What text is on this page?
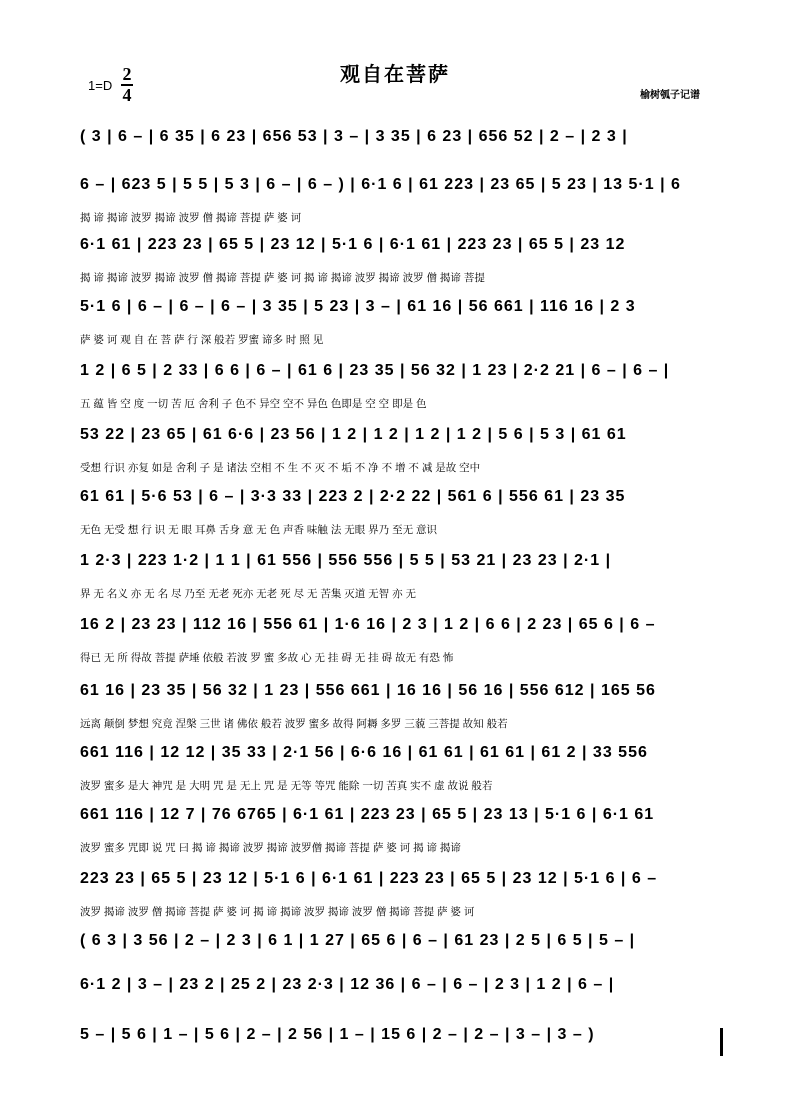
观自在菩萨
1=D
2
4	榆树瓠子记谱
( 3 | 6 – | 6 35 | 6 23 | 656 53 | 3 – | 3 35 | 6 23 | 656 52 | 2 – | 2 3 |
6 – | 623 5 | 5 5 | 5 3 | 6 – | 6 – ) | 6·1 6 | 61 223 | 23 65 | 5 23 | 13 5·1 | 6
揭 谛 揭谛 波罗 揭谛 波罗 僧 揭谛 菩提 萨 婆 诃
6·1 61 | 223 23 | 65 5 | 23 12 | 5·1 6 | 6·1 61 | 223 23 | 65 5 | 23 12
揭 谛 揭谛 波罗 揭谛 波罗 僧 揭谛 菩提 萨 婆 诃 揭 谛 揭谛 波罗 揭谛 波罗 僧 揭谛 菩提
5·1 6 | 6 – | 6 – | 6 – | 3 35 | 5 23 | 3 – | 61 16 | 56 661 | 116 16 | 2 3
萨 婆 诃 观 自 在 菩 萨 行 深 般若 罗蜜 谛多 时 照 见
1 2 | 6 5 | 2 33 | 6 6 | 6 – | 61 6 | 23 35 | 56 32 | 1 23 | 2·2 21 | 6 – | 6 – |
五 蕴 皆 空 度 一切 苦 厄 舍利 子 色不 异空 空不 异色 色即是 空 空 即是 色
53 22 | 23 65 | 61 6·6 | 23 56 | 1 2 | 1 2 | 1 2 | 1 2 | 5 6 | 5 3 | 61 61
受想 行识 亦复 如是 舍利 子 是 诸法 空相 不 生 不 灭 不 垢 不 净 不 增 不 减 是故 空中
61 61 | 5·6 53 | 6 – | 3·3 33 | 223 2 | 2·2 22 | 561 6 | 556 61 | 23 35
无色 无受 想 行 识 无 眼 耳鼻 舌身 意 无 色 声香 味触 法 无眼 界乃 至无 意识
1 2·3 | 223 1·2 | 1 1 | 61 556 | 556 556 | 5 5 | 53 21 | 23 23 | 2·1 |
界 无 名义 亦 无 名 尽 乃至 无老 死亦 无老 死 尽 无 苦集 灭道 无智 亦 无
16 2 | 23 23 | 112 16 | 556 61 | 1·6 16 | 2 3 | 1 2 | 6 6 | 2 23 | 65 6 | 6 –
得已 无 所 得故 菩提 萨埵 依般 若波 罗 蜜 多故 心 无 挂 碍 无 挂 碍 故无 有恐 怖
61 16 | 23 35 | 56 32 | 1 23 | 556 661 | 16 16 | 56 16 | 556 612 | 165 56
远离 颠倒 梦想 究竟 涅槃 三世 诸 佛依 般若 波罗 蜜多 故得 阿耨 多罗 三藐 三菩提 故知 般若
661 116 | 12 12 | 35 33 | 2·1 56 | 6·6 16 | 61 61 | 61 61 | 61 2 | 33 556
波罗 蜜多 是大 神咒 是 大明 咒 是 无上 咒 是 无等 等咒 能除 一切 苦真 实不 虚 故说 般若
661 116 | 12 7 | 76 6765 | 6·1 61 | 223 23 | 65 5 | 23 13 | 5·1 6 | 6·1 61
波罗 蜜多 咒即 说 咒 曰 揭 谛 揭谛 波罗 揭谛 波罗僧 揭谛 菩提 萨 婆 诃 揭 谛 揭谛
223 23 | 65 5 | 23 12 | 5·1 6 | 6·1 61 | 223 23 | 65 5 | 23 12 | 5·1 6 | 6 –
波罗 揭谛 波罗 僧 揭谛 菩提 萨 婆 诃 揭 谛 揭谛 波罗 揭谛 波罗 僧 揭谛 菩提 萨 婆 诃
( 6 3 | 3 56 | 2 – | 2 3 | 6 1 | 1 27 | 65 6 | 6 – | 61 23 | 2 5 | 6 5 | 5 – |
6·1 2 | 3 – | 23 2 | 25 2 | 23 2·3 | 12 36 | 6 – | 6 – | 2 3 | 1 2 | 6 – |
5 – | 5 6 | 1 – | 5 6 | 2 – | 2 56 | 1 – | 15 6 | 2 – | 2 – | 3 – | 3 – )
